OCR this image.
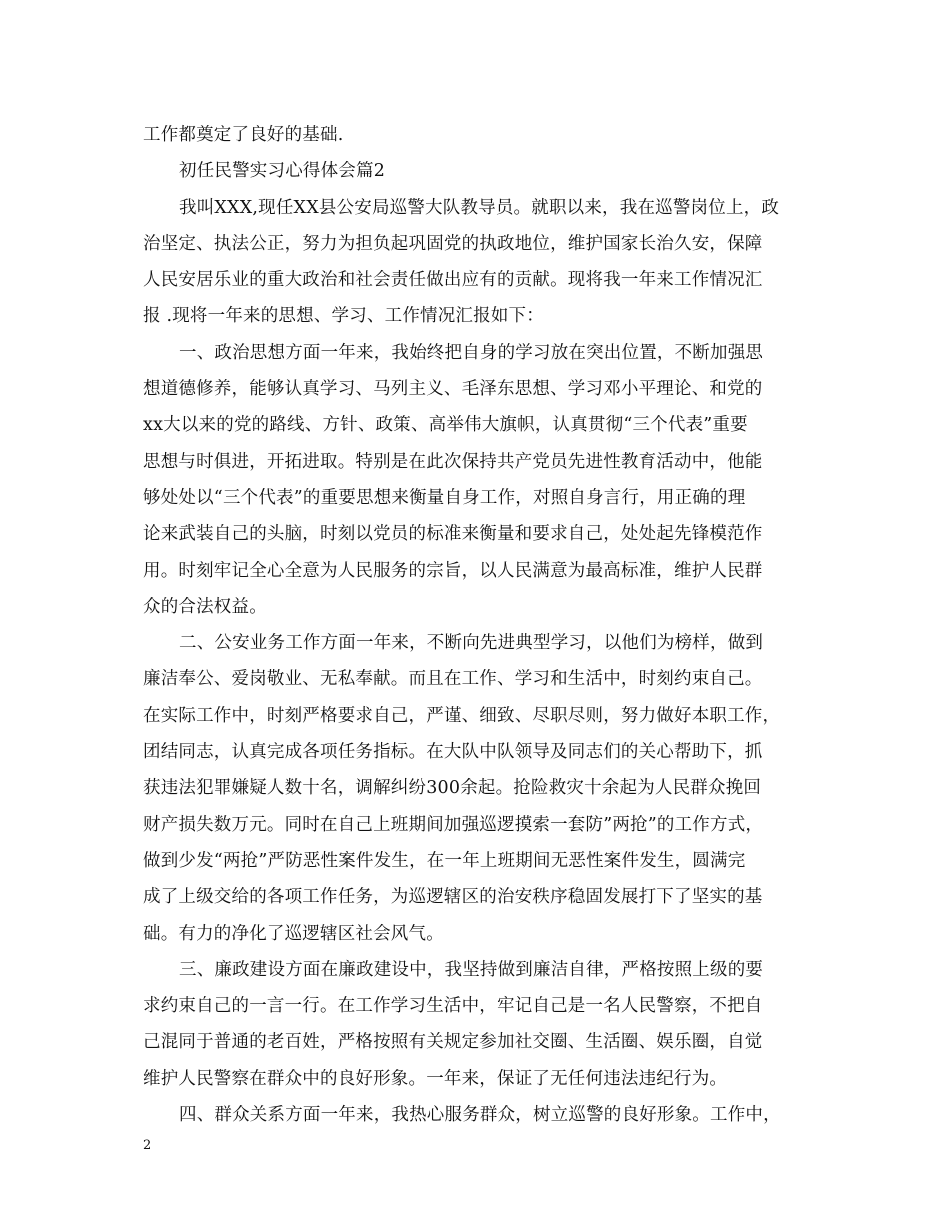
工作都奠定了良好的基础.
初任民警实习心得体会篇2
我叫XXX,现任XX县公安局巡警大队教导员。就职以来，我在巡警岗位上，政
治坚定、执法公正，努力为担负起巩固党的执政地位，维护国家长治久安，保障
人民安居乐业的重大政治和社会责任做出应有的贡献。现将我一年来工作情况汇
报 .现将一年来的思想、学习、工作情况汇报如下：
一、政治思想方面一年来，我始终把自身的学习放在突出位置，不断加强思
想道德修养，能够认真学习、马列主义、毛泽东思想、学习邓小平理论、和党的
xx大以来的党的路线、方针、政策、高举伟大旗帜，认真贯彻“三个代表”重要
思想与时俱进，开拓进取。特别是在此次保持共产党员先进性教育活动中，他能
够处处以“三个代表”的重要思想来衡量自身工作，对照自身言行，用正确的理
论来武装自己的头脑，时刻以党员的标准来衡量和要求自己，处处起先锋模范作
用。时刻牢记全心全意为人民服务的宗旨，以人民满意为最高标准，维护人民群
众的合法权益。
二、公安业务工作方面一年来，不断向先进典型学习，以他们为榜样，做到
廉洁奉公、爱岗敬业、无私奉献。而且在工作、学习和生活中，时刻约束自己。
在实际工作中，时刻严格要求自己，严谨、细致、尽职尽则，努力做好本职工作，
团结同志，认真完成各项任务指标。在大队中队领导及同志们的关心帮助下，抓
获违法犯罪嫌疑人数十名，调解纠纷300余起。抢险救灾十余起为人民群众挽回
财产损失数万元。同时在自己上班期间加强巡逻摸索一套防”两抢”的工作方式，
做到少发“两抢”严防恶性案件发生，在一年上班期间无恶性案件发生，圆满完
成了上级交给的各项工作任务，为巡逻辖区的治安秩序稳固发展打下了坚实的基
础。有力的净化了巡逻辖区社会风气。
三、廉政建设方面在廉政建设中，我坚持做到廉洁自律，严格按照上级的要
求约束自己的一言一行。在工作学习生活中，牢记自己是一名人民警察，不把自
己混同于普通的老百姓，严格按照有关规定参加社交圈、生活圈、娱乐圈，自觉
维护人民警察在群众中的良好形象。一年来，保证了无任何违法违纪行为。
四、群众关系方面一年来，我热心服务群众，树立巡警的良好形象。工作中，
2
